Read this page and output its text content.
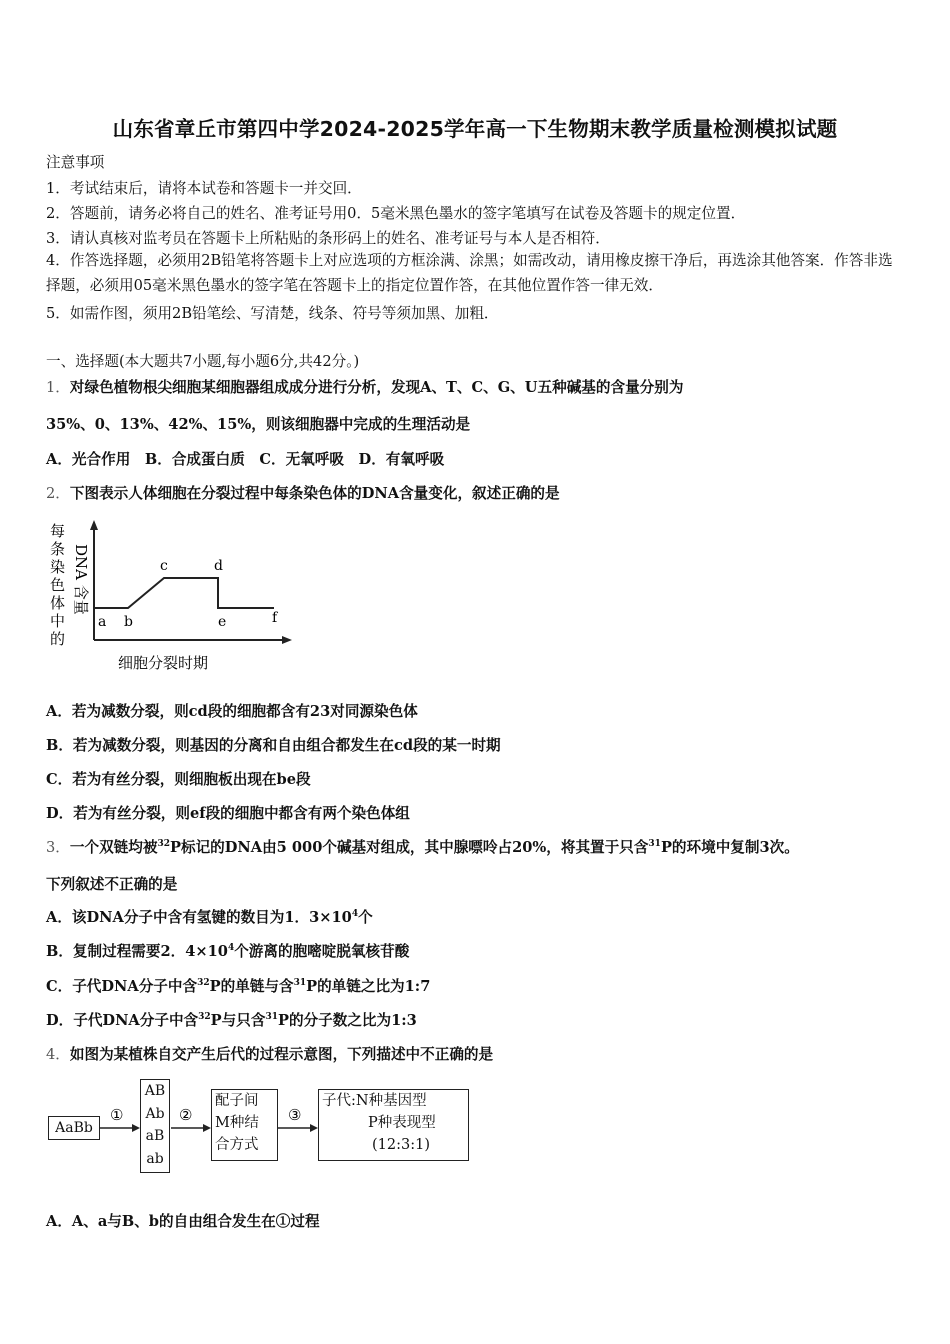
山东省章丘市第四中学2024-2025学年高一下生物期末教学质量检测模拟试题
注意事项
1．考试结束后，请将本试卷和答题卡一并交回．
2．答题前，请务必将自己的姓名、准考证号用0．5毫米黑色墨水的签字笔填写在试卷及答题卡的规定位置．
3．请认真核对监考员在答题卡上所粘贴的条形码上的姓名、准考证号与本人是否相符．
4．作答选择题，必须用2B铅笔将答题卡上对应选项的方框涂满、涂黑；如需改动，请用橡皮擦干净后，再选涂其他答案．作答非选择题，必须用05毫米黑色墨水的签字笔在答题卡上的指定位置作答，在其他位置作答一律无效．
5．如需作图，须用2B铅笔绘、写清楚，线条、符号等须加黑、加粗．
一、选择题(本大题共7小题,每小题6分,共42分。)
1．对绿色植物根尖细胞某细胞器组成成分进行分析，发现A、T、C、G、U五种碱基的含量分别为
35%、0、13%、42%、15%，则该细胞器中完成的生理活动是
A．光合作用　B．合成蛋白质　C．无氧呼吸　D．有氧呼吸
2．下图表示人体细胞在分裂过程中每条染色体的DNA含量变化，叙述正确的是
每条染色体中的
DNA 含量
a b
c	d
e	f
细胞分裂时期
A．若为减数分裂，则cd段的细胞都含有23对同源染色体
B．若为减数分裂，则基因的分离和自由组合都发生在cd段的某一时期
C．若为有丝分裂，则细胞板出现在be段
D．若为有丝分裂，则ef段的细胞中都含有两个染色体组
3．一个双链均被$^{32}$P标记的DNA由5 000个碱基对组成，其中腺嘌呤占20%，将其置于只含$^{31}$P的环境中复制3次。
下列叙述不正确的是
A．该DNA分子中含有氢键的数目为1．$3\times 10^4$个
B．复制过程需要2．$4\times 10^4$个游离的胞嘧啶脱氧核苷酸
C．子代DNA分子中含$^{32}$P的单链与含$^{31}$P的单链之比为1:7
D．子代DNA分子中含$^{32}$P与只含$^{31}$P的分子数之比为1:3
4．如图为某植株自交产生后代的过程示意图，下列描述中不正确的是
AaBb
①
AB
Ab
aB
ab
②
配子间
M种结
合方式
③
子代:N种基因型
P种表现型
(12:3:1)
A．A、a与B、b的自由组合发生在①过程
